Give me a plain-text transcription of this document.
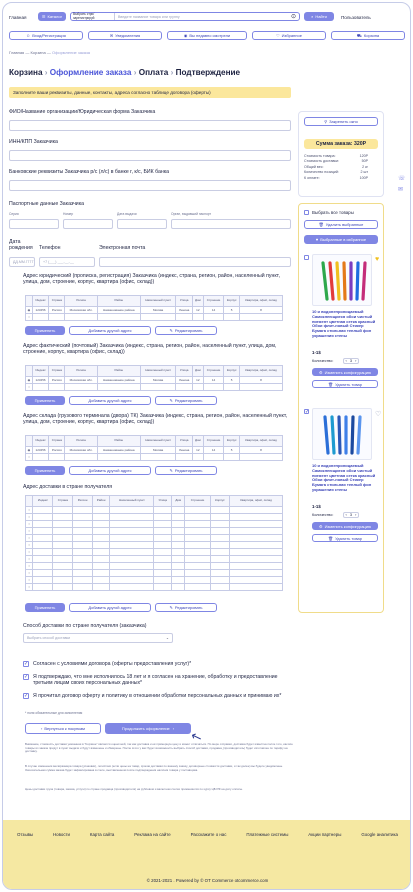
Главная	☰ Каталог	Выбрать стри/ зарегистрируй	Введите название товара или группу	⊙	⌕ Найти	Пользователь
☺ Вход/Регистрация	✉ Уведомления	◉ Вы недавно смотрели	♡ Избранное	⛟ Корзина
Главная — Корзина — Оформление заказа
Корзина › Оформление заказа › Оплата › Подтверждение
Заполните ваши реквизиты, данные, контакты, адреса согласно таблице договора (оферты)
ФИО/Название организации/Юридическая форма Заказчика
ИНН/КПП Заказчика
Банковские реквизиты Заказчика р/с (л/с) в банке г, к/с, БИК банка
Паспортные данные Заказчика
Серия	Номер	Дата выдачи	Орган, выдавший паспорт
Дата рождения	Телефон	Электронная почта
ДД.ММ.ГГГГ	+7 (___) ___-__-__
Адрес юридический (прописка, регистрация) Заказчика (индекс, страна, регион, район, населенный пункт, улица, дом, строение, корпус, квартира (офис, склад))
	Индекс	Страна	Регион	Район	Населенный пункт	Улица	Дом	Строение	Корпус	Квартира, офис, склад
◉	123456	Россия	Московская обл.	Наименование района	Москва	Ленина	12	14	5	8
○										
Применить	Добавить другой адрес	✎ Редактировать
Адрес фактический (почтовый) Заказчика (индекс, страна, регион, район, населенный пункт, улица, дом, строение, корпус, квартира (офис, склад))
	Индекс	Страна	Регион	Район	Населенный пункт	Улица	Дом	Строение	Корпус	Квартира, офис, склад
◉	123456	Россия	Московская обл.	Наименование района	Москва	Ленина	12	14	5	8
○										
Применить	Добавить другой адрес	✎ Редактировать
Адрес склада (грузового терминала (двора) ТК) Заказчика (индекс, страна, регион, район, населенный пункт, улица, дом, строение, корпус, квартира (офис, склад))
	Индекс	Страна	Регион	Район	Населенный пункт	Улица	Дом	Строение	Корпус	Квартира, офис, склад
◉	123456	Россия	Московская обл.	Наименование района	Москва	Ленина	12	14	5	8
○										
Применить	Добавить другой адрес	✎ Редактировать
Адрес доставки в стране получателя
	Индекс	Страна	Регион	Район	Населенный пункт	Улица	Дом	Строение	Корпус	Квартира, офис, склад
○										
○										
○										
○										
○										
○										
○										
○										
○										
○										
○										
○										
Применить	Добавить другой адрес	✎ Редактировать
Способ доставки по стране получателя (заказчика)
Выбрать способ доставки	⌄
✓ Согласен с условиями договора (оферты предоставления услуг)*
✓ Я подтверждаю, что мне исполнилось 18 лет и я согласен на хранение, обработку и предоставление третьим лицам своих персональных данных*
✓ Я прочитал договор оферту и политику в отношении обработки персональных данных и принимаю их*
* поля обязательные для заполнения
‹ Вернуться к покупкам	Продолжить оформление › ↖
Внимание, стоимость доставки указанная в "Корзине" является оценочной, так как доставка и её примерную цену и может отличаться. По мере отправки, доставка будет известна после того, как все товары из заказа придут в пункт выдачи и будут взвешены и обмерены. После этого у вас будет возможность выбрать способ доставки, продавец (производитель) будет изготовлен по тарифу на доставку.
В случае изменения веса/размера товара (упаковки), логистики (если цены на товар, сроков доставки по вашему заказу, договорные стоимости доставки, и так далее) вы будете уведомлены. Окончательная сумма заказа будет зафиксирована в счете, выставленном после подтверждения наличия товара у поставщика.
Цены доставки груза (товара, заказа, услуги) по стране продавца (производителя) на рублевом и валютном счетах применяются по курсу ЦБ РФ на дату оплаты.
⚲ Закрепить окно
Сумма заказа:
320Р
Стоимость товара:	120Р
Стоимость доставки:	50Р
Общий вес:	2 кг
Количество позиций:	2 шт
К оплате:	100Р
Выбрать все товары
🗑 Удалить выбранные
♥ Выбранные в избранное
♥
10 и водонепроницаемый Самоклеющиеся обои чистый пигмент цветная сетка красный Обои флит-новый Стикер Бумага стильная теплый фон украшения стены
1-1$
Количество:	‹ 3 ›
⚙ Изменить конфигурацию
🗑 Удалить товар
✓	♡
10 и водонепроницаемый Самоклеющиеся обои чистый пигмент цветная сетка красный Обои флит-новый Стикер Бумага стильная теплый фон украшения стены
1-1$
Количество:	‹ 3 ›
⚙ Изменить конфигурацию
🗑 Удалить товар
☏
✉
Отзывы	Новости	Карта сайта	Реклама на сайте	Расскажите о нас	Платежные системы	Акции партнеры	Google аналитика
© 2021-2021 . Powered by © OT Commerce otcommerce.com
